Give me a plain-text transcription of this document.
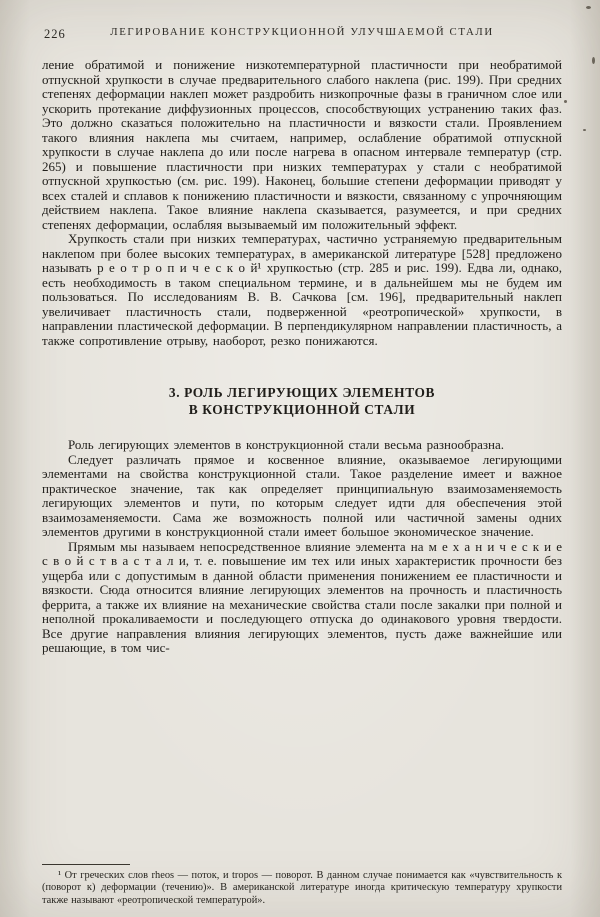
226	ЛЕГИРОВАНИЕ КОНСТРУКЦИОННОЙ УЛУЧШАЕМОЙ СТАЛИ

ление обратимой и понижение низкотемпературной пластичности при необратимой отпускной хрупкости в случае предварительного слабого наклепа (рис. 199). При средних степенях деформации наклеп может раздробить низкопрочные фазы в граничном слое или ускорить протекание диффузионных процессов, способствующих устранению таких фаз. Это должно сказаться положительно на пластичности и вязкости стали. Проявлением такого влияния наклепа мы считаем, например, ослабление обратимой отпускной хрупкости в случае наклепа до или после нагрева в опасном интервале температур (стр. 265) и повышение пластичности при низких температурах у стали с необратимой отпускной хрупкостью (см. рис. 199). Наконец, большие степени деформации приводят у всех сталей и сплавов к понижению пластичности и вязкости, связанному с упрочняющим действием наклепа. Такое влияние наклепа сказывается, разумеется, и при средних степенях деформации, ослабляя вызываемый им положительный эффект.

Хрупкость стали при низких температурах, частично устраняемую предварительным наклепом при более высоких температурах, в американской литературе [528] предложено называть р е о т р о п и ч е с к о й¹ хрупкостью (стр. 285 и рис. 199). Едва ли, однако, есть необходимость в таком специальном термине, и в дальнейшем мы не будем им пользоваться. По исследованиям В. В. Сачкова [см. 196], предварительный наклеп увеличивает пластичность стали, подверженной «реотропической» хрупкости, в направлении пластической деформации. В перпендикулярном направлении пластичность, а также сопротивление отрыву, наоборот, резко понижаются.

3. РОЛЬ ЛЕГИРУЮЩИХ ЭЛЕМЕНТОВ
В КОНСТРУКЦИОННОЙ СТАЛИ

Роль легирующих элементов в конструкционной стали весьма разнообразна.

Следует различать прямое и косвенное влияние, оказываемое легирующими элементами на свойства конструкционной стали. Такое разделение имеет и важное практическое значение, так как определяет принципиальную взаимозаменяемость легирующих элементов и пути, по которым следует идти для обеспечения этой взаимозаменяемости. Сама же возможность полной или частичной замены одних элементов другими в конструкционной стали имеет большое экономическое значение.

Прямым мы называем непосредственное влияние элемента на м е х а н и ч е с к и е с в о й с т в а с т а л и, т. е. повышение им тех или иных характеристик прочности без ущерба или с допустимым в данной области применения понижением ее пластичности и вязкости. Сюда относится влияние легирующих элементов на прочность и пластичность феррита, а также их влияние на механические свойства стали после закалки при полной и неполной прокаливаемости и последующего отпуска до одинакового уровня твердости. Все другие направления влияния легирующих элементов, пусть даже важнейшие или решающие, в том чис-

¹ От греческих слов rheos — поток, и tropos — поворот. В данном случае понимается как «чувствительность к (поворот к) деформации (течению)». В американской литературе иногда критическую температуру хрупкости также называют «реотропической температурой».
